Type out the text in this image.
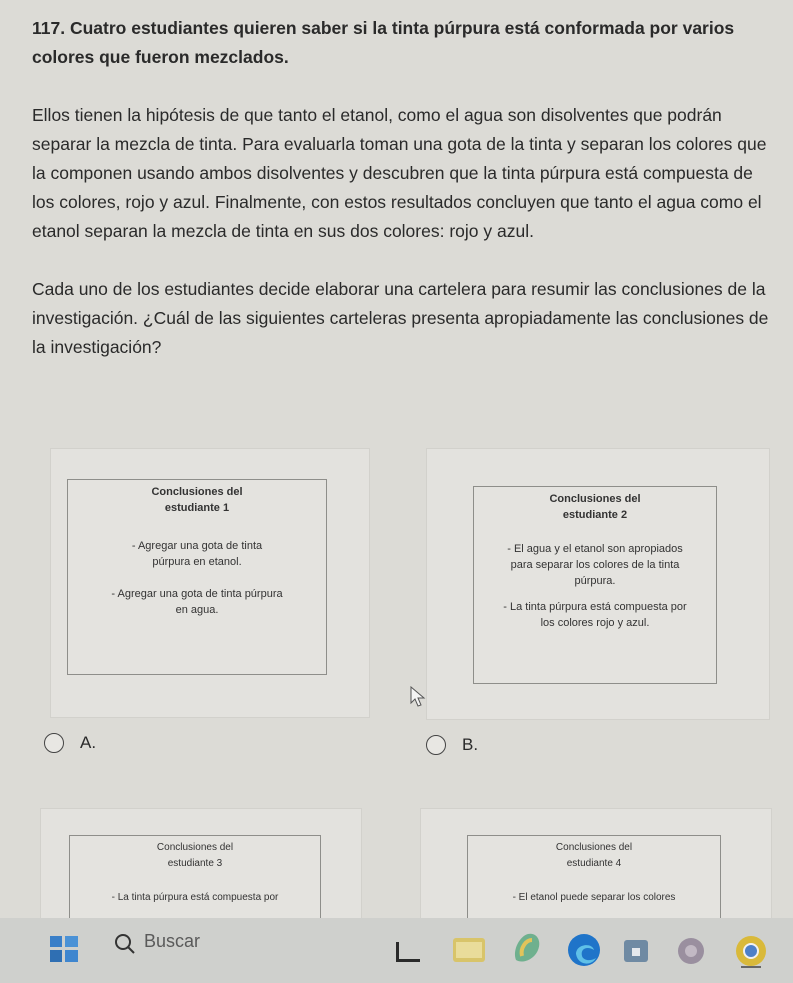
117. Cuatro estudiantes quieren saber si la tinta púrpura está conformada por varios colores que fueron mezclados.

Ellos tienen la hipótesis de que tanto el etanol, como el agua son disolventes que podrán separar la mezcla de tinta. Para evaluarla toman una gota de la tinta y separan los colores que la componen usando ambos disolventes y descubren que la tinta púrpura está compuesta de los colores, rojo y azul. Finalmente, con estos resultados concluyen que tanto el agua como el etanol separan la mezcla de tinta en sus dos colores: rojo y azul.

Cada uno de los estudiantes decide elaborar una cartelera para resumir las conclusiones de la investigación. ¿Cuál de las siguientes carteleras presenta apropiadamente las conclusiones de la investigación?

Conclusiones del
estudiante 1
- Agregar una gota de tinta
púrpura en etanol.
- Agregar una gota de tinta púrpura
en agua.
Conclusiones del
estudiante 2
- El agua y el etanol son apropiados
para separar los colores de la tinta
púrpura.
- La tinta púrpura está compuesta por
los colores rojo y azul.
A.	B.
Conclusiones del
estudiante 3
- La tinta púrpura está compuesta por
Conclusiones del
estudiante 4
- El etanol puede separar los colores
Buscar
